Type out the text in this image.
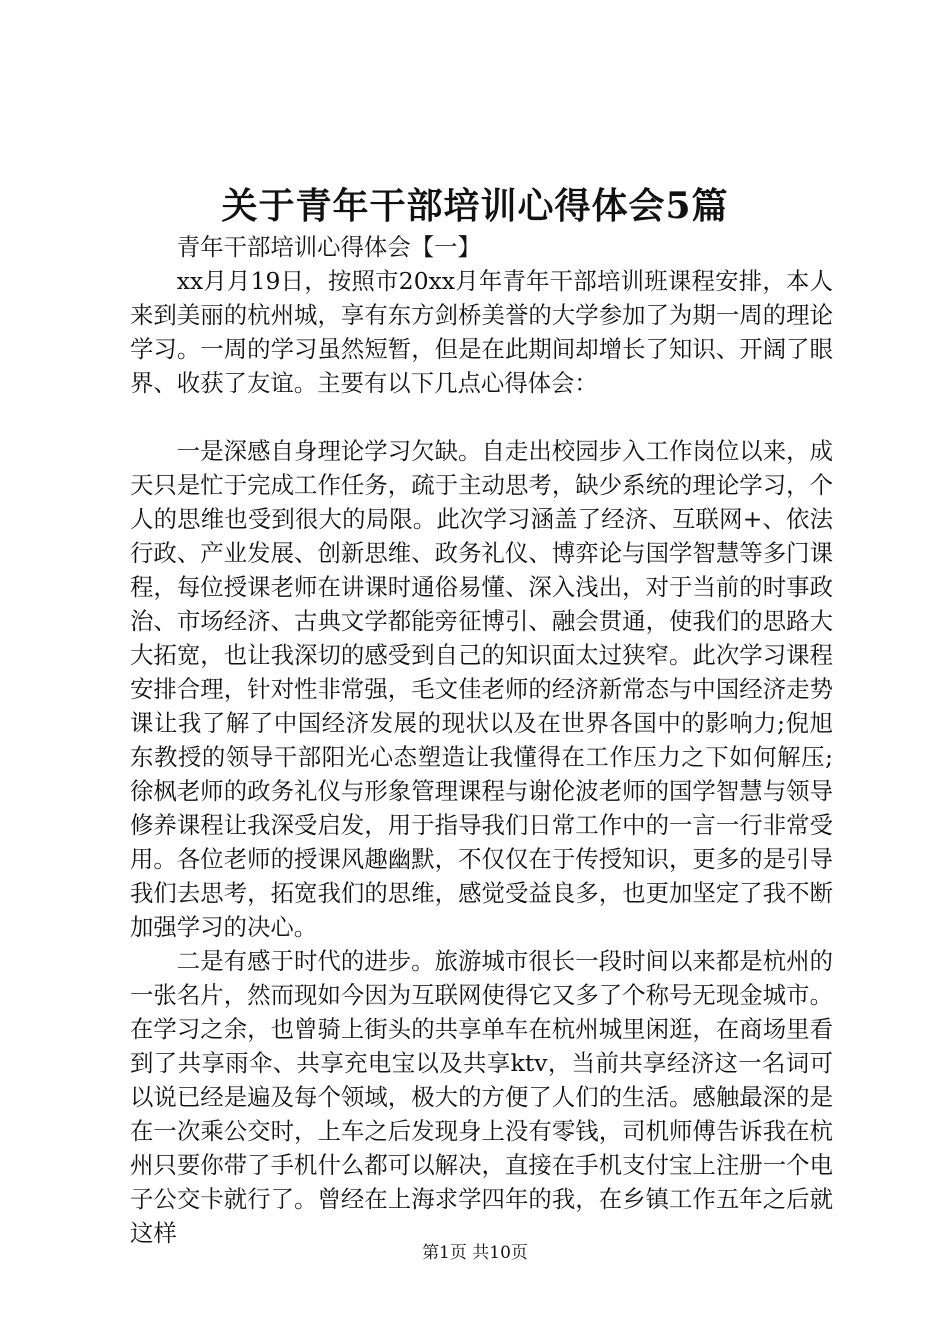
关于青年干部培训心得体会5篇

青年干部培训心得体会【一】

xx月月19日，按照市20xx月年青年干部培训班课程安排，本人来到美丽的杭州城，享有东方剑桥美誉的大学参加了为期一周的理论学习。一周的学习虽然短暂，但是在此期间却增长了知识、开阔了眼界、收获了友谊。主要有以下几点心得体会：

一是深感自身理论学习欠缺。自走出校园步入工作岗位以来，成天只是忙于完成工作任务，疏于主动思考，缺少系统的理论学习，个人的思维也受到很大的局限。此次学习涵盖了经济、互联网+、依法行政、产业发展、创新思维、政务礼仪、博弈论与国学智慧等多门课程，每位授课老师在讲课时通俗易懂、深入浅出，对于当前的时事政治、市场经济、古典文学都能旁征博引、融会贯通，使我们的思路大大拓宽，也让我深切的感受到自己的知识面太过狭窄。此次学习课程安排合理，针对性非常强，毛文佳老师的经济新常态与中国经济走势课让我了解了中国经济发展的现状以及在世界各国中的影响力;倪旭东教授的领导干部阳光心态塑造让我懂得在工作压力之下如何解压;徐枫老师的政务礼仪与形象管理课程与谢伦波老师的国学智慧与领导修养课程让我深受启发，用于指导我们日常工作中的一言一行非常受用。各位老师的授课风趣幽默，不仅仅在于传授知识，更多的是引导我们去思考，拓宽我们的思维，感觉受益良多，也更加坚定了我不断加强学习的决心。

二是有感于时代的进步。旅游城市很长一段时间以来都是杭州的一张名片，然而现如今因为互联网使得它又多了个称号无现金城市。在学习之余，也曾骑上街头的共享单车在杭州城里闲逛，在商场里看到了共享雨伞、共享充电宝以及共享ktv，当前共享经济这一名词可以说已经是遍及每个领域，极大的方便了人们的生活。感触最深的是在一次乘公交时，上车之后发现身上没有零钱，司机师傅告诉我在杭州只要你带了手机什么都可以解决，直接在手机支付宝上注册一个电子公交卡就行了。曾经在上海求学四年的我，在乡镇工作五年之后就这样

第1页 共10页
